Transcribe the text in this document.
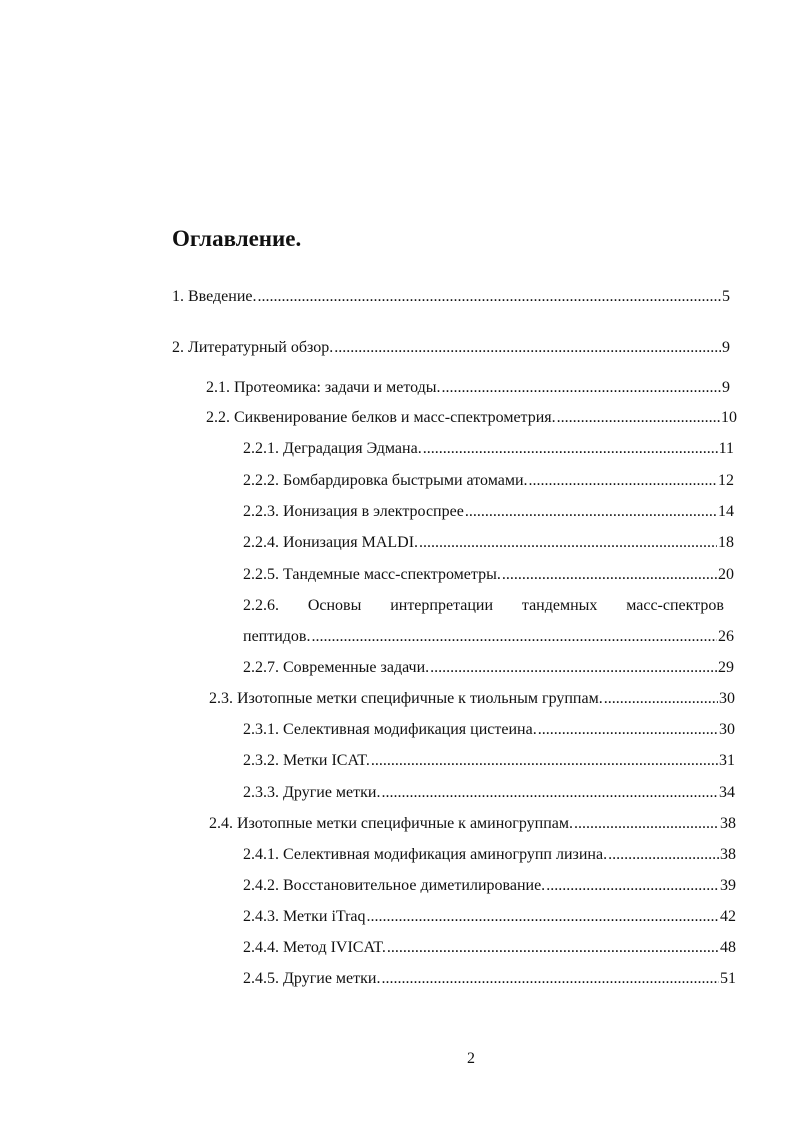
Оглавление.
1. Введение. .....	5
2. Литературный обзор. .....	9
2.1. Протеомика: задачи и методы. .....	9
2.2. Сиквенирование белков и масс-спектрометрия. .....	10
2.2.1. Деградация Эдмана. .....	11
2.2.2. Бомбардировка быстрыми атомами. .....	12
2.2.3. Ионизация в электроспрее .....	14
2.2.4. Ионизация MALDI. .....	18
2.2.5. Тандемные масс-спектрометры. .....	20
2.2.6. Основы интерпретации тандемных масс-спектров
пептидов. .....	26
2.2.7. Современные задачи. .....	29
2.3. Изотопные метки специфичные к тиольным группам. .....	30
2.3.1. Селективная модификация цистеина. .....	30
2.3.2. Метки ICAT. .....	31
2.3.3. Другие метки. .....	34
2.4. Изотопные метки специфичные к аминогруппам. .....	38
2.4.1. Селективная модификация аминогрупп лизина. .....	38
2.4.2. Восстановительное диметилирование. .....	39
2.4.3. Метки iTraq .....	42
2.4.4. Метод IVICAT. .....	48
2.4.5. Другие метки. .....	51
2
